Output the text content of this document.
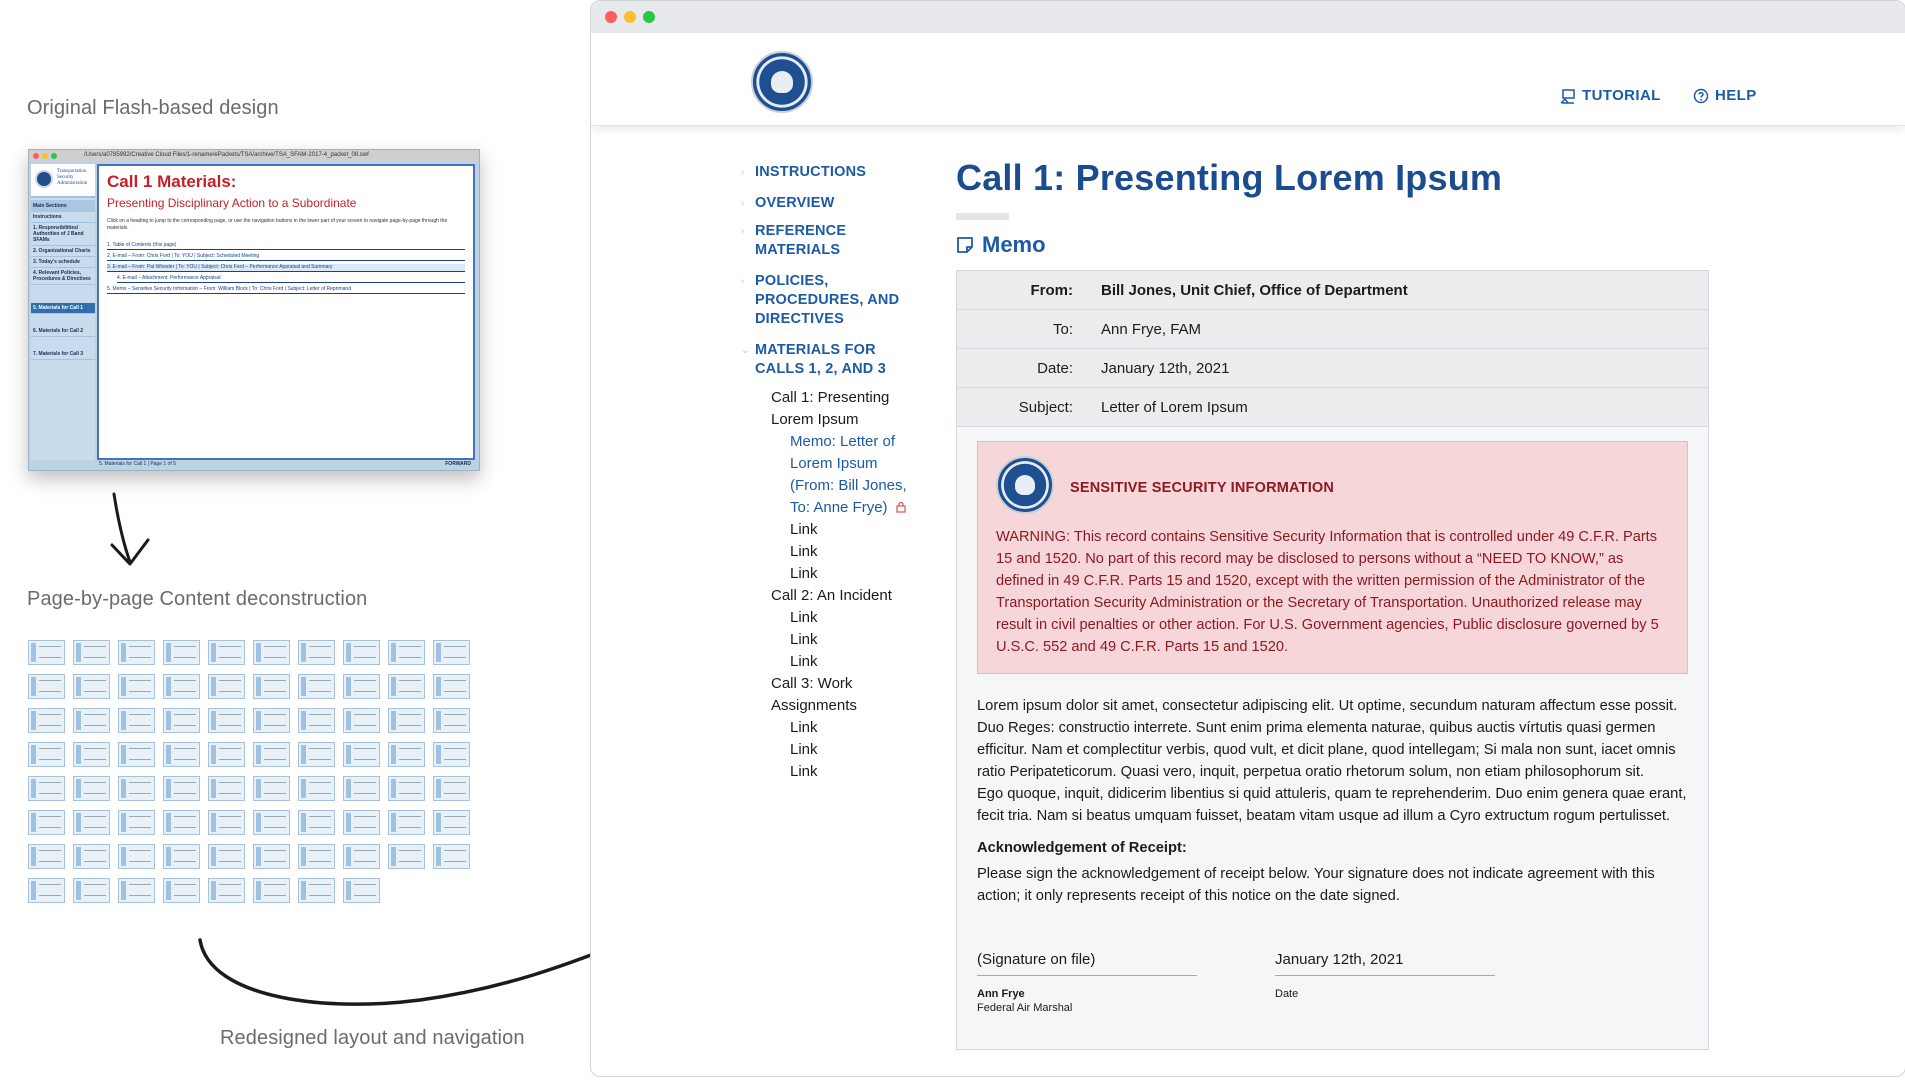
Original Flash-based design
Page-by-page Content deconstruction
Redesigned layout and navigation
/Users/a0785992/Creative Cloud Files/1-rename/ePackets/TSA/archive/TSA_SFAM-2017-4_packet_08.swf
Transportation
Security
Administration
Main Sections
Instructions
1. Responsibilities/ Authorities of J Band SFAMs
2. Organizational Charts
3. Today's schedule
4. Relevant Policies, Procedures & Directives
5. Materials for Call 1
6. Materials for Call 2
7. Materials for Call 3
Call 1 Materials:
Presenting Disciplinary Action to a Subordinate
Click on a heading to jump to the corresponding page, or use the navigation buttons in the lower part of your screen to navigate page-by-page through the materials.
1. Table of Contents (this page)
2. E-mail – From: Chris Ford | To: YOU | Subject: Scheduled Meeting
3. E-mail – From: Pat Wheeler | To: YOU | Subject: Chris Ford – Performance Appraisal and Summary
4. E-mail – Attachment: Performance Appraisal
5. Memo – Sensitive Security Information – From: William Block | To: Chris Ford | Subject: Letter of Reprimand
5. Materials for Call 1 | Page 1 of 5	FORWARD
TUTORIAL	HELP
› INSTRUCTIONS
› OVERVIEW
› REFERENCE MATERIALS
› POLICIES, PROCEDURES, AND DIRECTIVES
⌄ MATERIALS FOR CALLS 1, 2, AND 3
Call 1: Presenting Lorem Ipsum
Memo: Letter of Lorem Ipsum (From: Bill Jones, To: Anne Frye)
Link
Link
Link
Call 2: An Incident
Link
Link
Link
Call 3: Work Assignments
Link
Link
Link
Call 1: Presenting Lorem Ipsum
Memo
From: Bill Jones, Unit Chief, Office of Department
To: Ann Frye, FAM
Date: January 12th, 2021
Subject: Letter of Lorem Ipsum
SENSITIVE SECURITY INFORMATION
WARNING: This record contains Sensitive Security Information that is controlled under 49 C.F.R. Parts 15 and 1520. No part of this record may be disclosed to persons without a “NEED TO KNOW,” as defined in 49 C.F.R. Parts 15 and 1520, except with the written permission of the Administrator of the Transportation Security Administration or the Secretary of Transportation. Unauthorized release may result in civil penalties or other action. For U.S. Government agencies, Public disclosure governed by 5 U.S.C. 552 and 49 C.F.R. Parts 15 and 1520.
Lorem ipsum dolor sit amet, consectetur adipiscing elit. Ut optime, secundum naturam affectum esse possit. Duo Reges: constructio interrete. Sunt enim prima elementa naturae, quibus auctis vírtutis quasi germen efficitur. Nam et complectitur verbis, quod vult, et dicit plane, quod intellegam; Si mala non sunt, iacet omnis ratio Peripateticorum. Quasi vero, inquit, perpetua oratio rhetorum solum, non etiam philosophorum sit.
Ego quoque, inquit, didicerim libentius si quid attuleris, quam te reprehenderim. Duo enim genera quae erant, fecit tria. Nam si beatus umquam fuisset, beatam vitam usque ad illum a Cyro extructum rogum pertulisset.
Acknowledgement of Receipt:
Please sign the acknowledgement of receipt below. Your signature does not indicate agreement with this action; it only represents receipt of this notice on the date signed.
(Signature on file)
Ann Frye
Federal Air Marshal
January 12th, 2021
Date
